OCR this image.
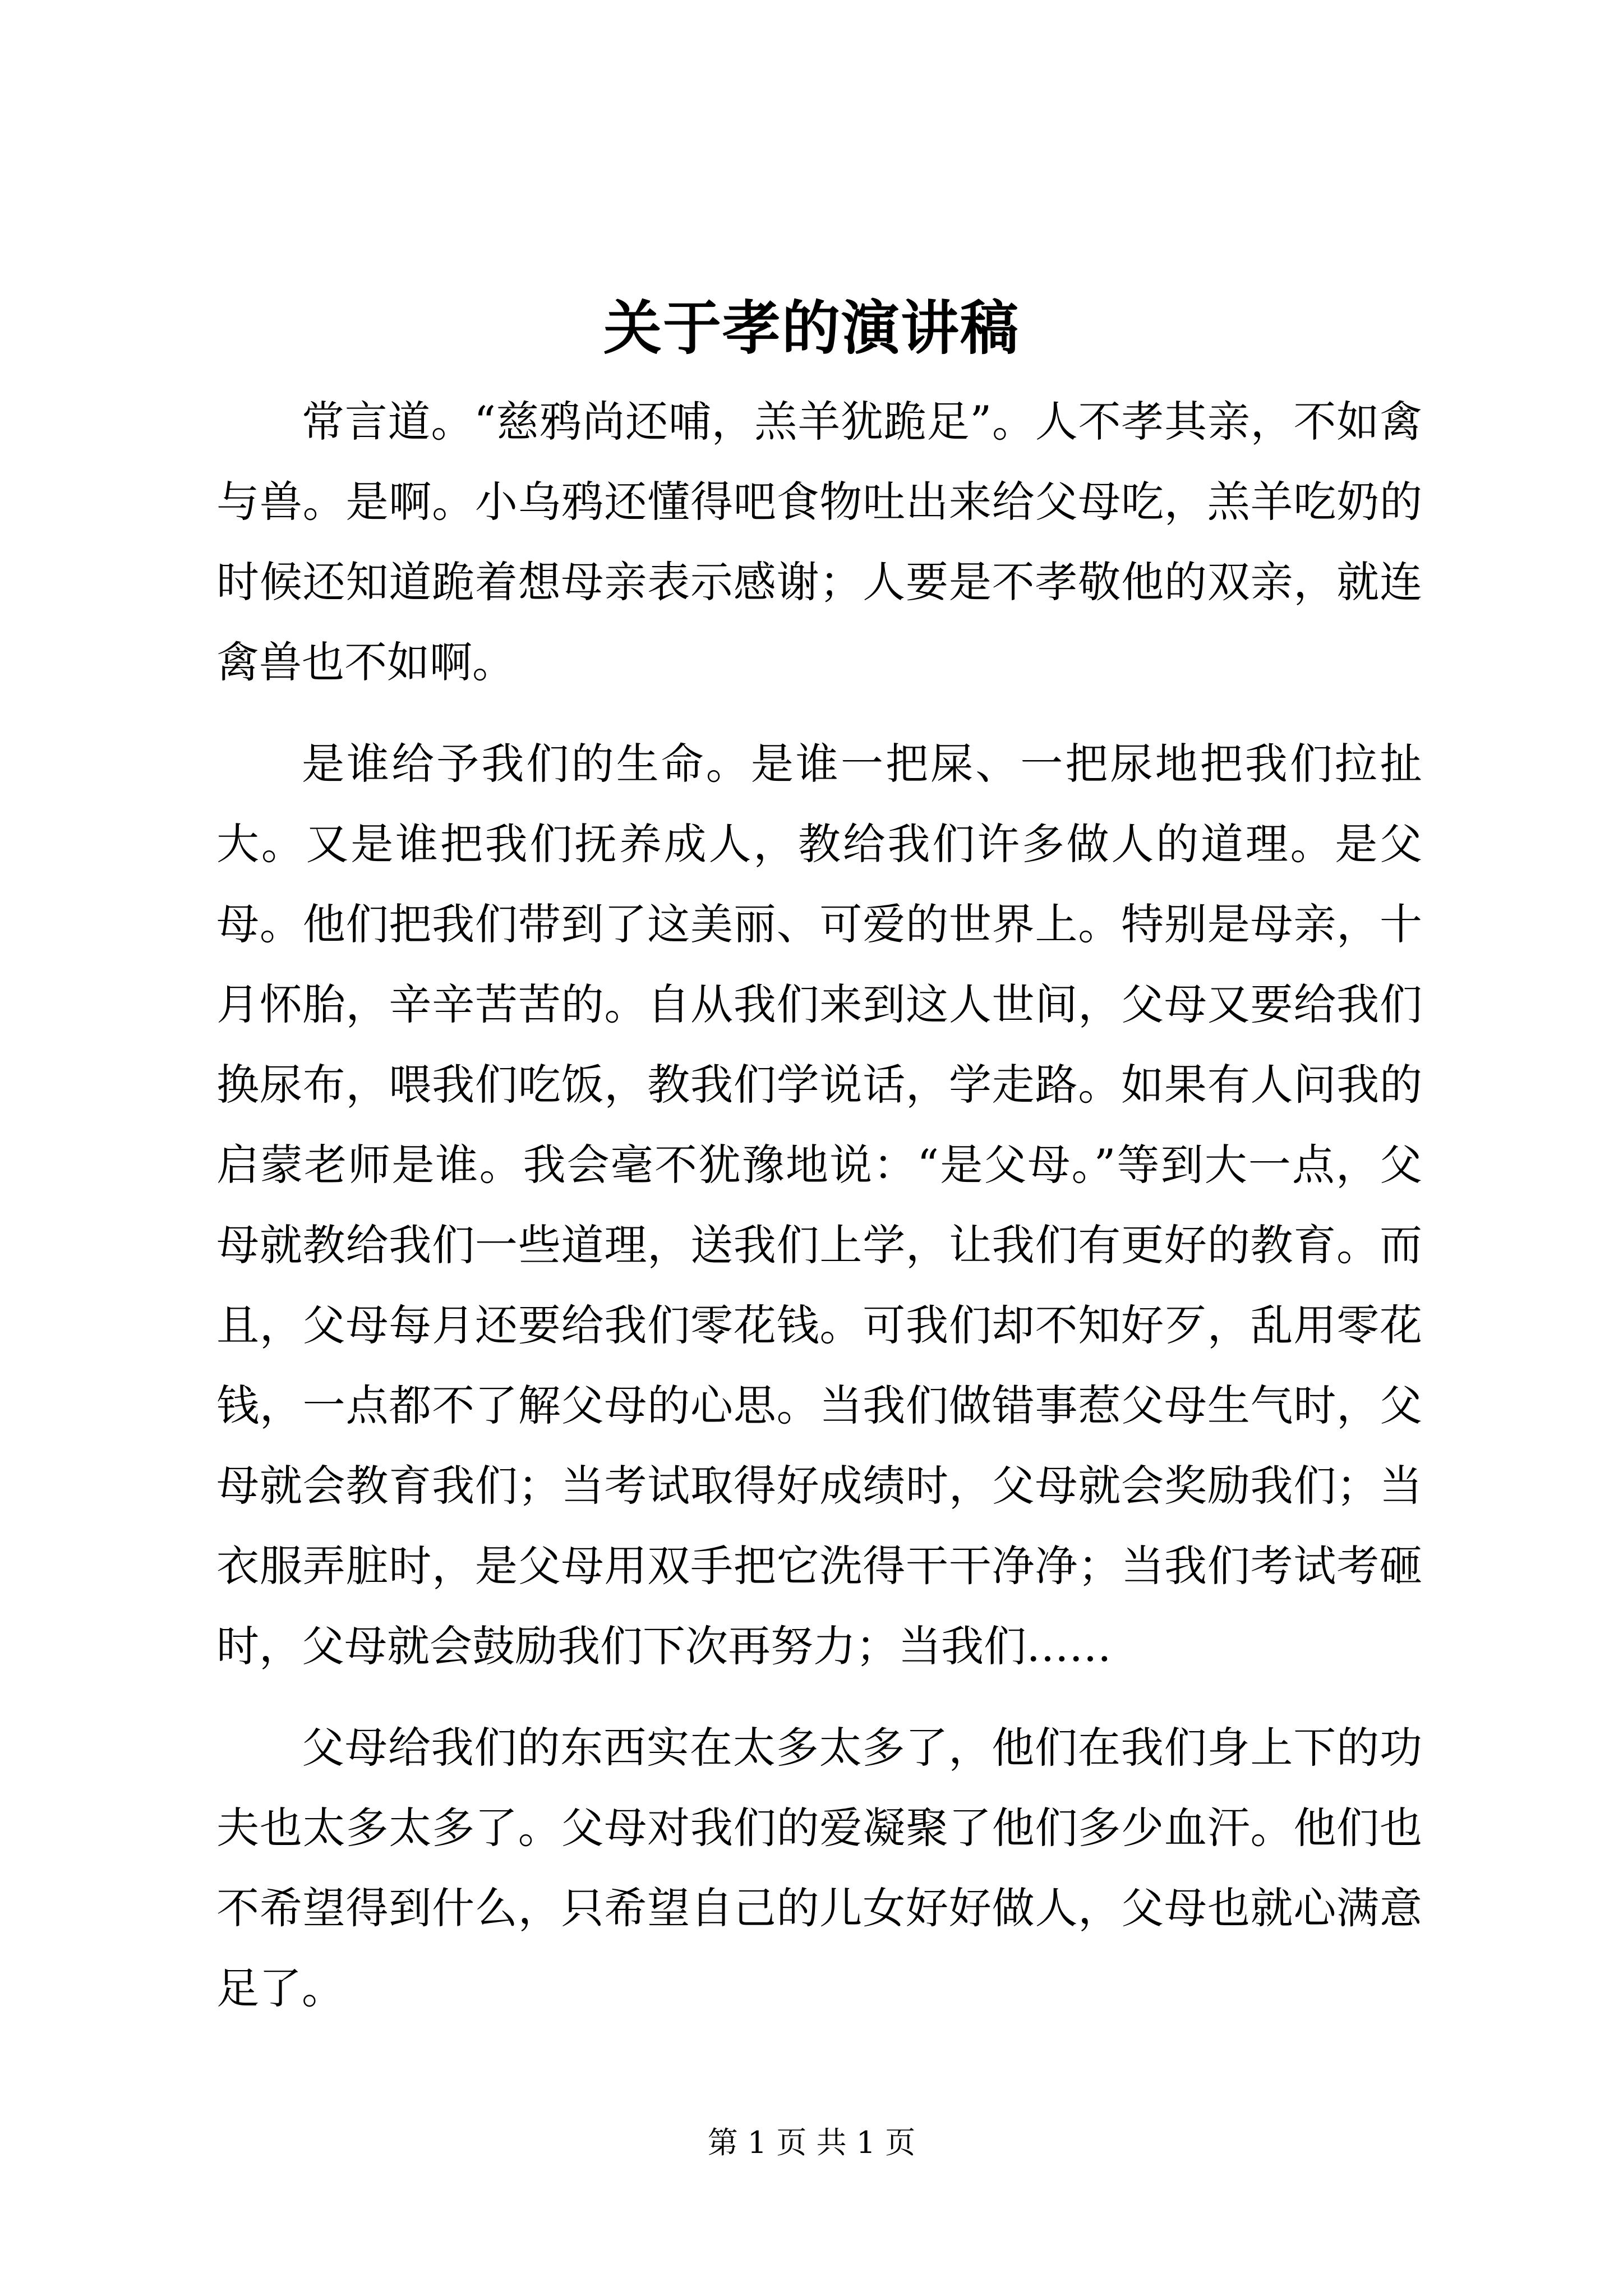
关于孝的演讲稿

常言道。“慈鸦尚还哺，羔羊犹跪足”。人不孝其亲，不如禽与兽。是啊。小乌鸦还懂得吧食物吐出来给父母吃，羔羊吃奶的时候还知道跪着想母亲表示感谢；人要是不孝敬他的双亲，就连禽兽也不如啊。

是谁给予我们的生命。是谁一把屎、一把尿地把我们拉扯大。又是谁把我们抚养成人，教给我们许多做人的道理。是父母。他们把我们带到了这美丽、可爱的世界上。特别是母亲，十月怀胎，辛辛苦苦的。自从我们来到这人世间，父母又要给我们换尿布，喂我们吃饭，教我们学说话，学走路。如果有人问我的启蒙老师是谁。我会毫不犹豫地说：“是父母。”等到大一点，父母就教给我们一些道理，送我们上学，让我们有更好的教育。而且，父母每月还要给我们零花钱。可我们却不知好歹，乱用零花钱，一点都不了解父母的心思。当我们做错事惹父母生气时，父母就会教育我们；当考试取得好成绩时，父母就会奖励我们；当衣服弄脏时，是父母用双手把它洗得干干净净；当我们考试考砸时，父母就会鼓励我们下次再努力；当我们……

父母给我们的东西实在太多太多了，他们在我们身上下的功夫也太多太多了。父母对我们的爱凝聚了他们多少血汗。他们也不希望得到什么，只希望自己的儿女好好做人，父母也就心满意足了。

第 1 页 共 1 页
